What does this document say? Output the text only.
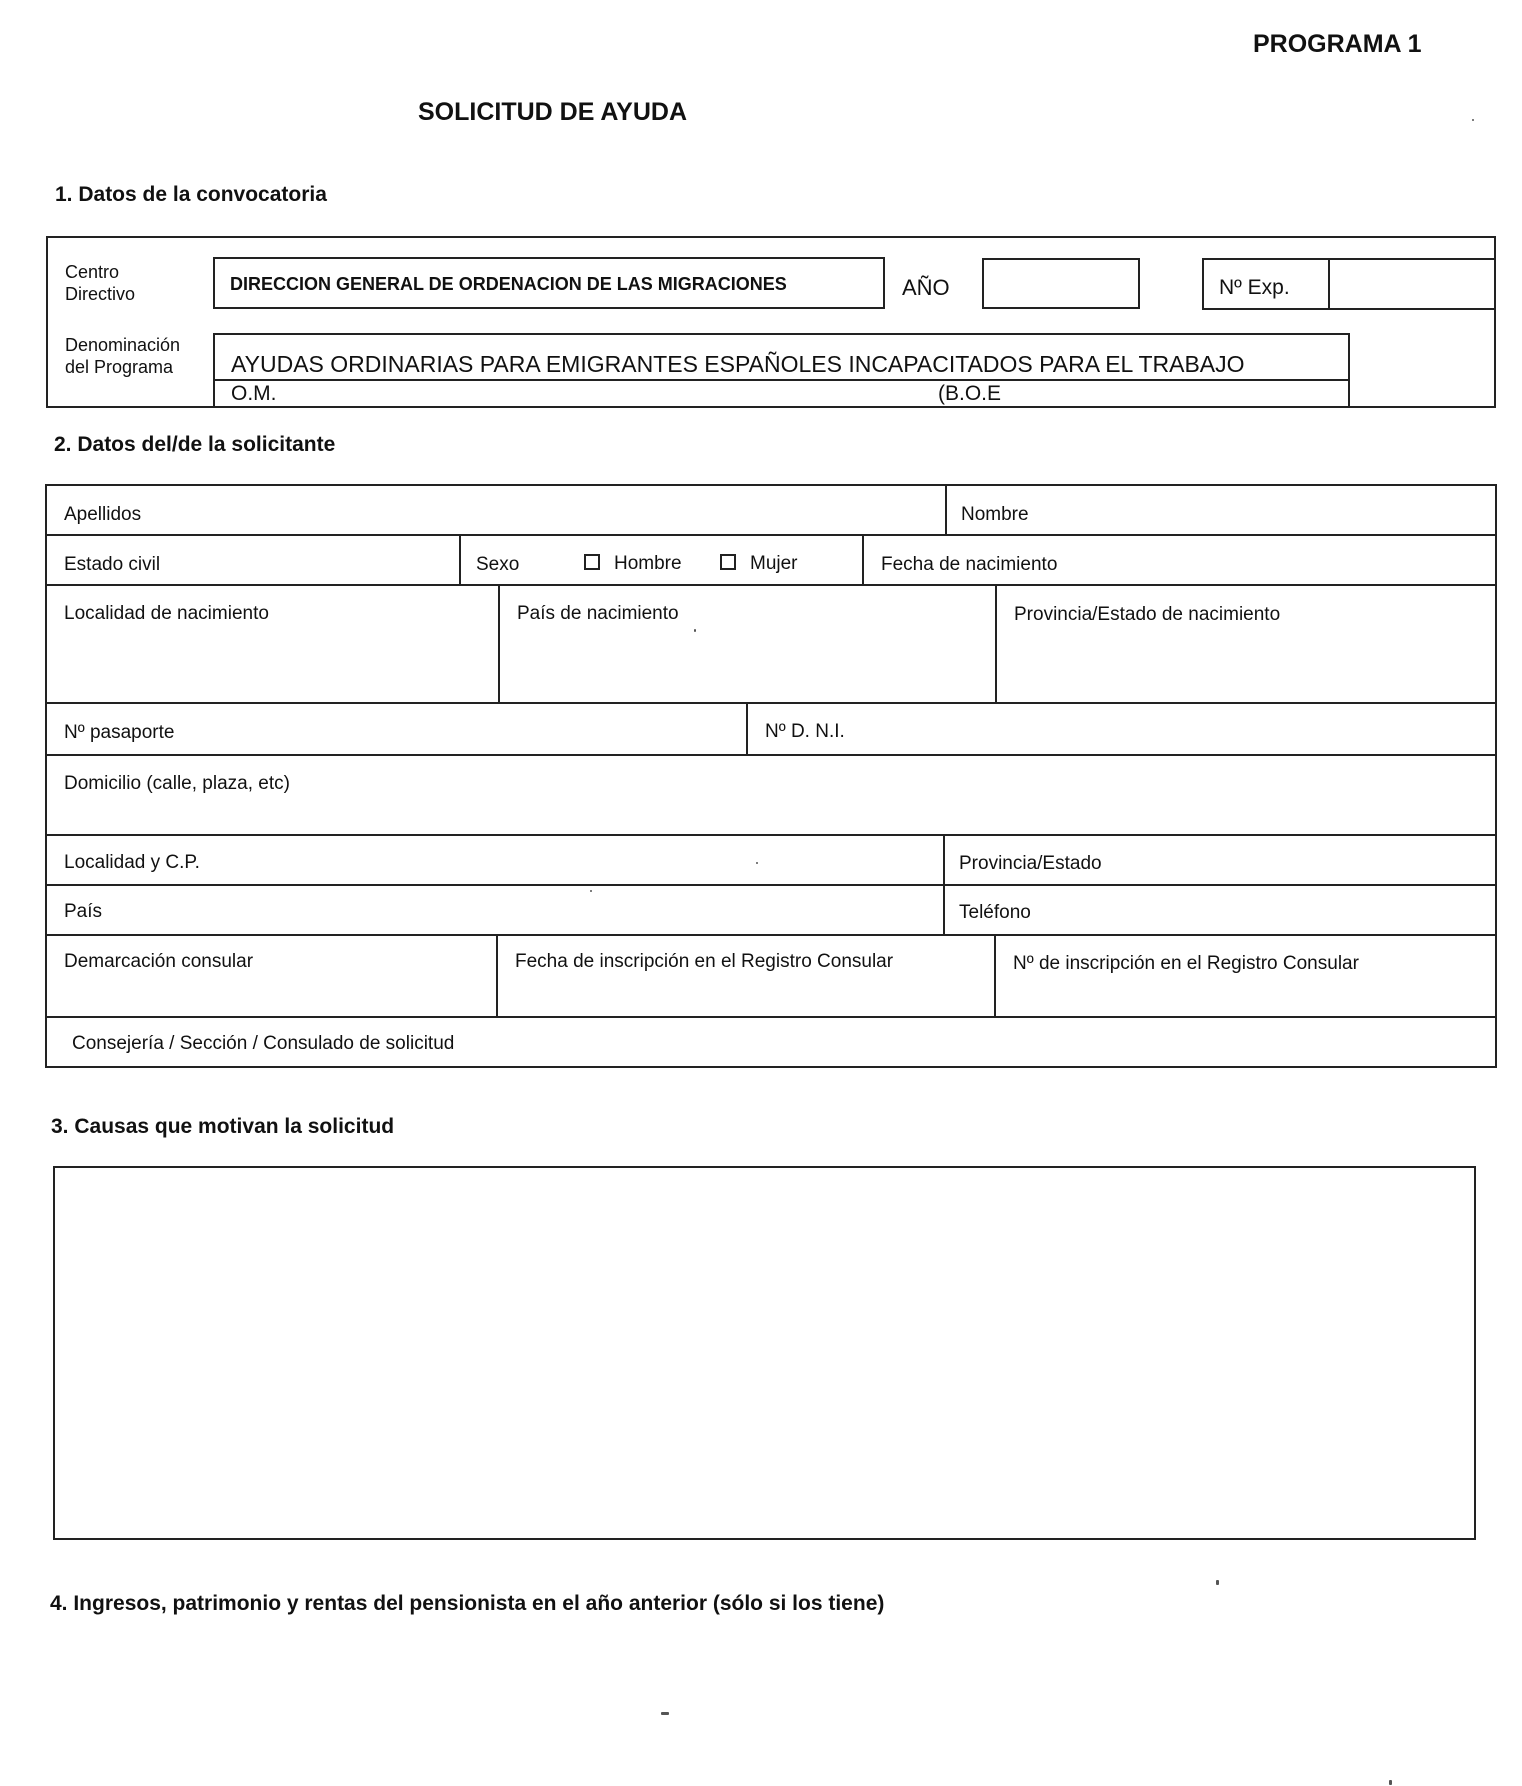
PROGRAMA 1
SOLICITUD DE AYUDA
1. Datos de la convocatoria
Centro
Directivo	DIRECCION GENERAL DE ORDENACION DE LAS MIGRACIONES	AÑO	Nº Exp.
Denominación
del Programa	AYUDAS ORDINARIAS PARA EMIGRANTES ESPAÑOLES INCAPACITADOS PARA EL TRABAJO
O.M.	(B.O.E
2. Datos del/de la solicitante
Apellidos	Nombre
Estado civil	Sexo	Hombre	Mujer	Fecha de nacimiento
Localidad de nacimiento	País de nacimiento	Provincia/Estado de nacimiento
Nº pasaporte	Nº D. N.I.
Domicilio (calle, plaza, etc)
Localidad y C.P.	Provincia/Estado
País	Teléfono
Demarcación consular	Fecha de inscripción en el Registro Consular	Nº de inscripción en el Registro Consular
Consejería / Sección / Consulado de solicitud
3. Causas que motivan la solicitud
4. Ingresos, patrimonio y rentas del pensionista en el año anterior (sólo si los tiene)
